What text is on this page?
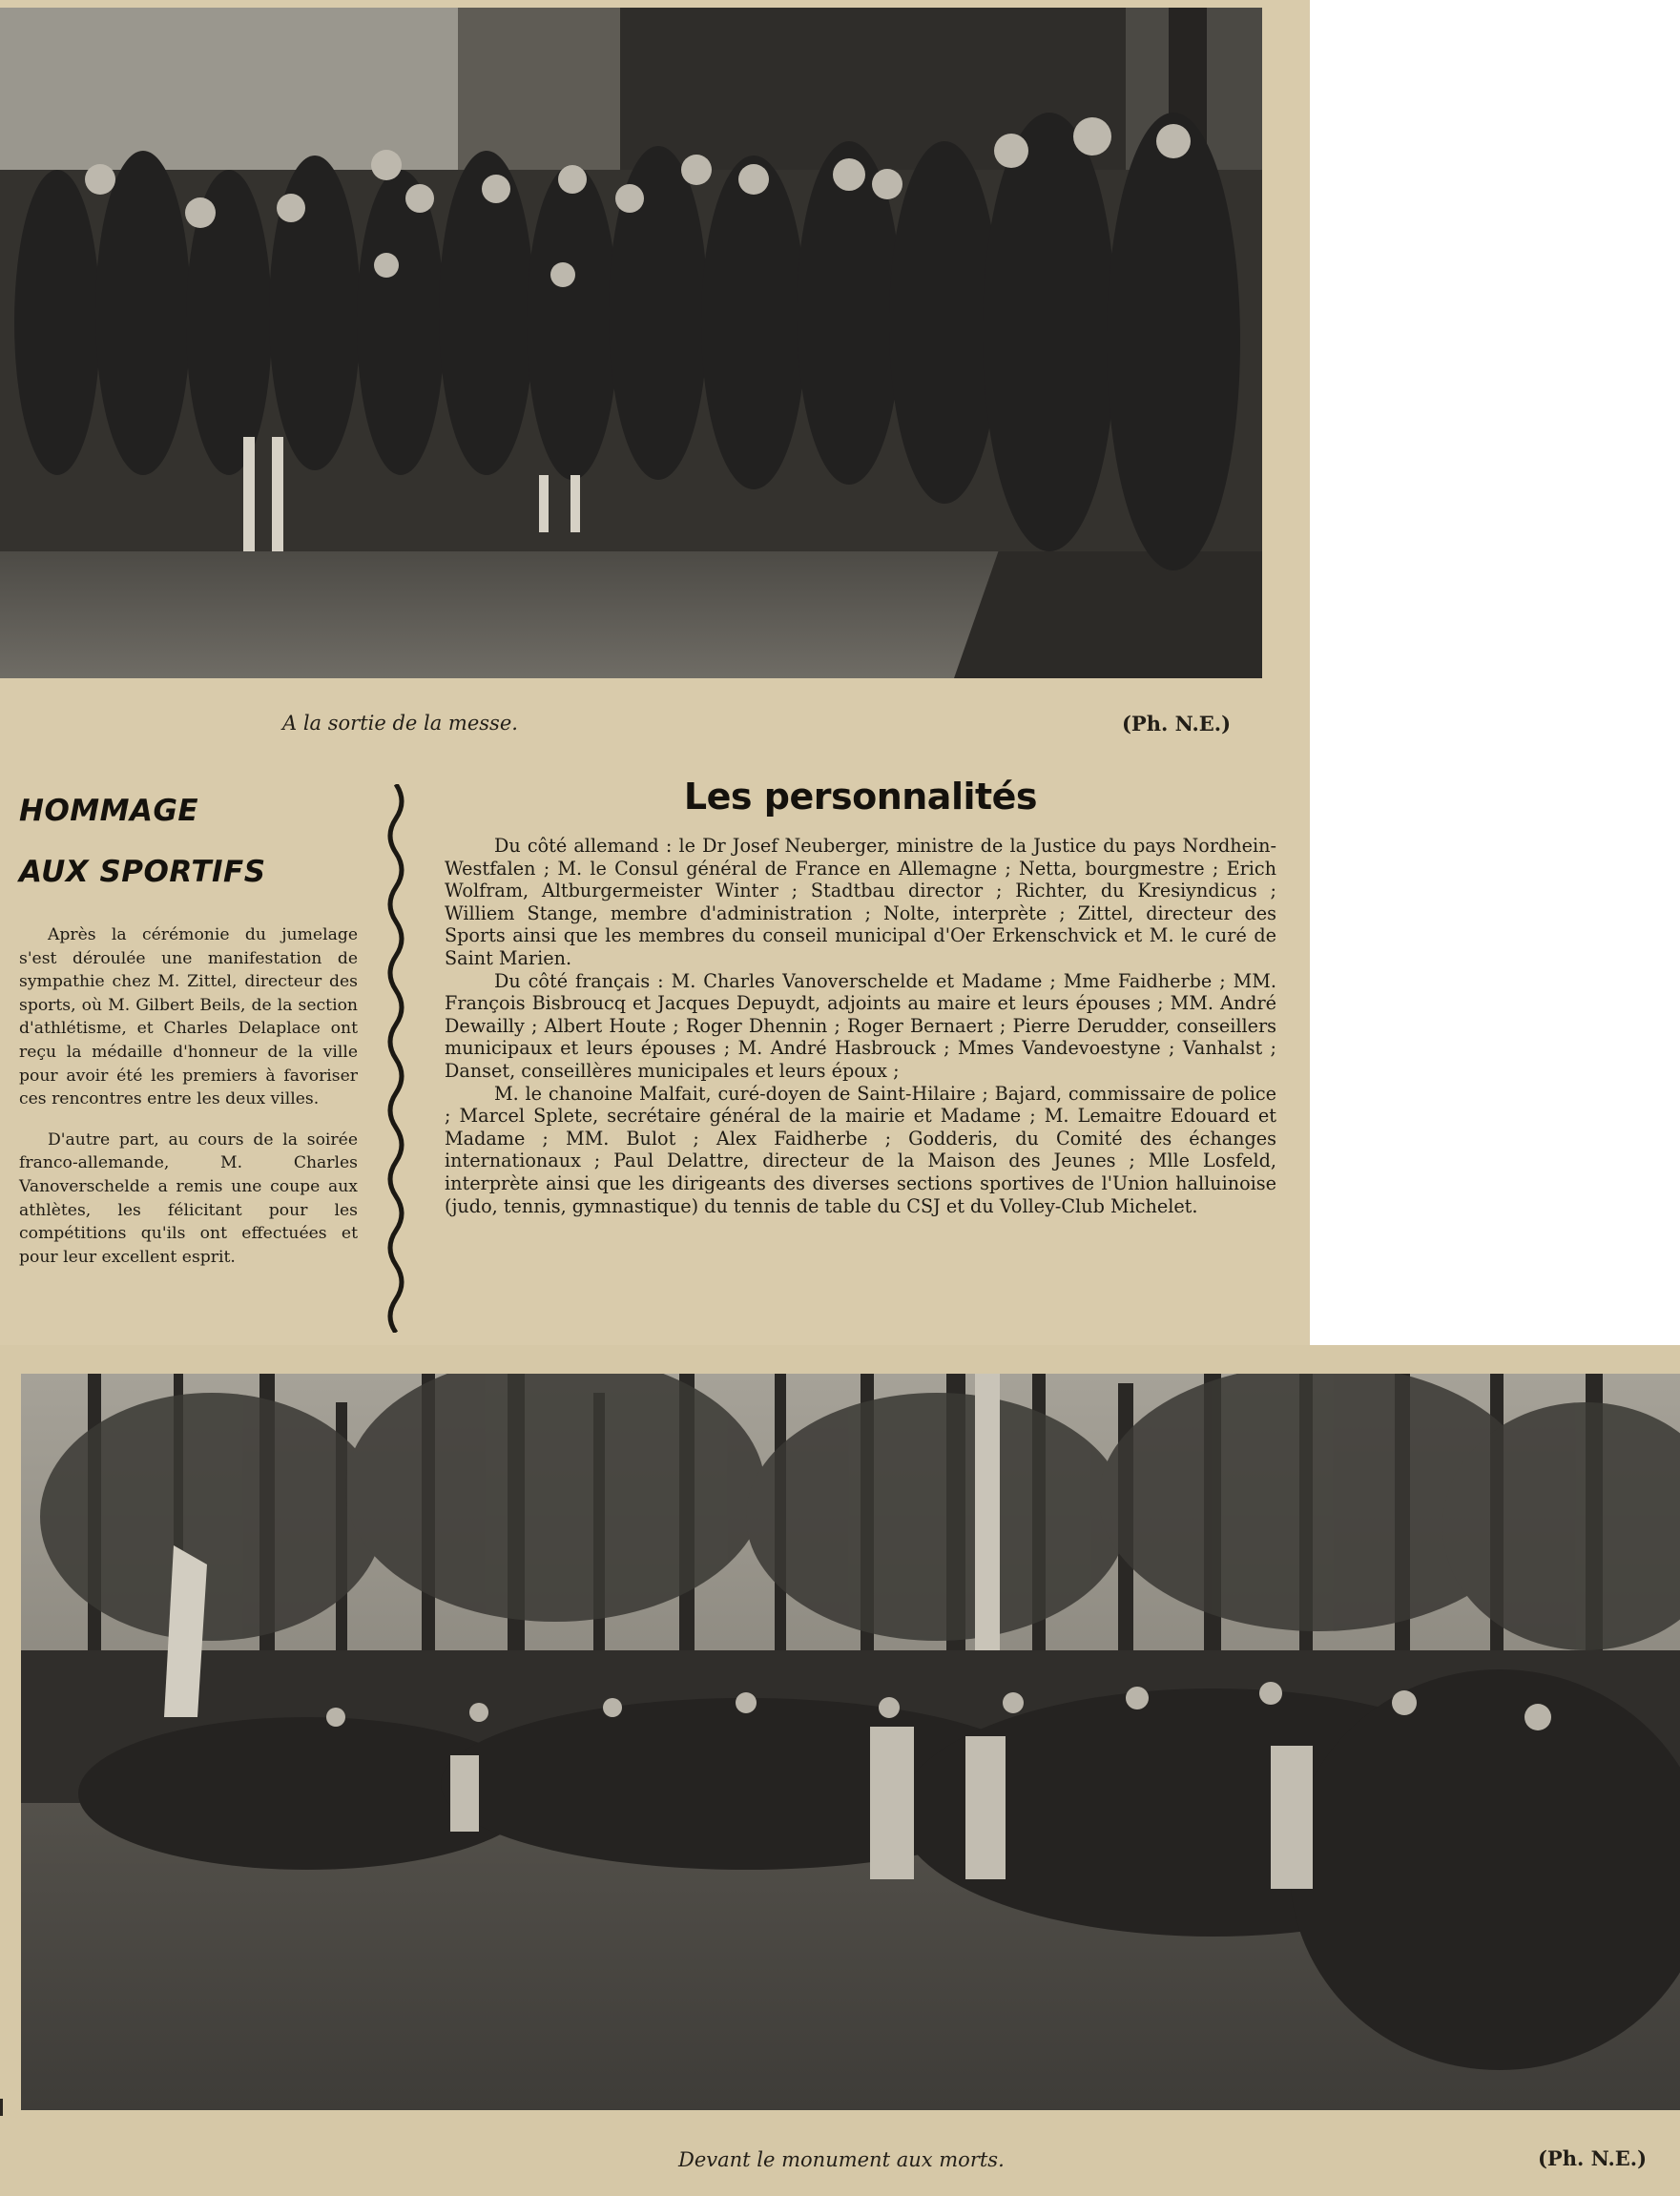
A la sortie de la messe.	(Ph. N.E.)
HOMMAGE
AUX SPORTIFS

Après la cérémonie du jumelage s'est déroulée une manifestation de sympathie chez M. Zittel, directeur des sports, où M. Gilbert Beils, de la section d'athlétisme, et Charles Delaplace ont reçu la médaille d'honneur de la ville pour avoir été les premiers à favoriser ces rencontres entre les deux villes.

D'autre part, au cours de la soirée franco-allemande, M. Charles Vanoverschelde a remis une coupe aux athlètes, les félicitant pour les compétitions qu'ils ont effectuées et pour leur excellent esprit.

Les personnalités

Du côté allemand : le Dr Josef Neuberger, ministre de la Justice du pays Nordhein-Westfalen ; M. le Consul général de France en Allemagne ; Netta, bourgmestre ; Erich Wolfram, Altburgermeister Winter ; Stadtbau director ; Richter, du Kresiyndicus ; Williem Stange, membre d'administration ; Nolte, interprète ; Zittel, directeur des Sports ainsi que les membres du conseil municipal d'Oer Erkenschvick et M. le curé de Saint Marien.

Du côté français : M. Charles Vanoverschelde et Madame ; Mme Faidherbe ; MM. François Bisbroucq et Jacques Depuydt, adjoints au maire et leurs épouses ; MM. André Dewailly ; Albert Houte ; Roger Dhennin ; Roger Bernaert ; Pierre Derudder, conseillers municipaux et leurs épouses ; M. André Hasbrouck ; Mmes Vandevoestyne ; Vanhalst ; Danset, conseillères municipales et leurs époux ;

M. le chanoine Malfait, curé-doyen de Saint-Hilaire ; Bajard, commissaire de police ; Marcel Splete, secrétaire général de la mairie et Madame ; M. Lemaitre Edouard et Madame ; MM. Bulot ; Alex Faidherbe ; Godderis, du Comité des échanges internationaux ; Paul Delattre, directeur de la Maison des Jeunes ; Mlle Losfeld, interprète ainsi que les dirigeants des diverses sections sportives de l'Union halluinoise (judo, tennis, gymnastique) du tennis de table du CSJ et du Volley-Club Michelet.

Devant le monument aux morts.	(Ph. N.E.)
